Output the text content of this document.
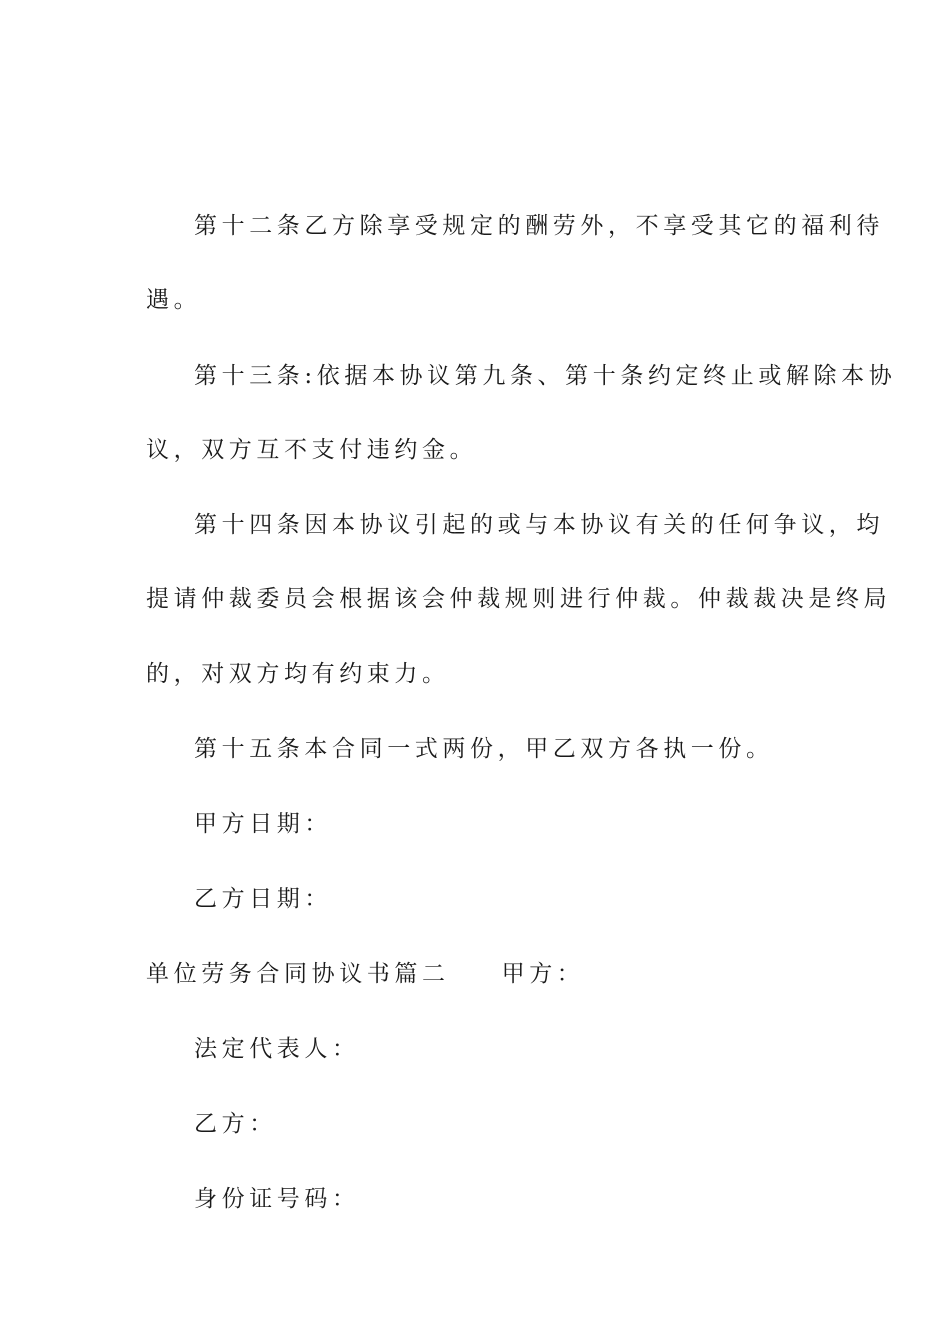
第十二条乙方除享受规定的酬劳外，不享受其它的福利待
遇。
第十三条:依据本协议第九条、第十条约定终止或解除本协
议，双方互不支付违约金。
第十四条因本协议引起的或与本协议有关的任何争议，均
提请仲裁委员会根据该会仲裁规则进行仲裁。仲裁裁决是终局
的，对双方均有约束力。
第十五条本合同一式两份，甲乙双方各执一份。
甲方日期：
乙方日期：
单位劳务合同协议书篇二 甲方：
法定代表人：
乙方：
身份证号码：
